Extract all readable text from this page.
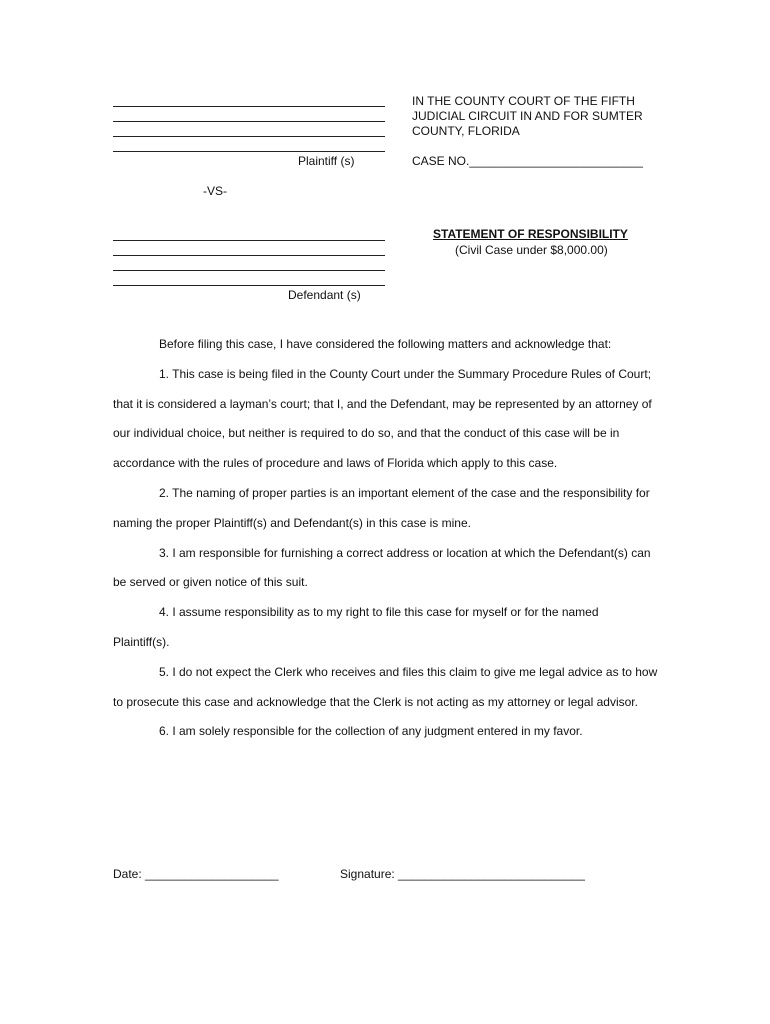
Plaintiff (s)
IN THE COUNTY COURT OF THE FIFTH
JUDICIAL CIRCUIT IN AND FOR SUMTER
COUNTY, FLORIDA
CASE NO.__________________________
-VS-
Defendant (s)
STATEMENT OF RESPONSIBILITY
(Civil Case under $8,000.00)

Before filing this case, I have considered the following matters and acknowledge that:

1. This case is being filed in the County Court under the Summary Procedure Rules of Court; that it is considered a layman’s court; that I, and the Defendant, may be represented by an attorney of our individual choice, but neither is required to do so, and that the conduct of this case will be in accordance with the rules of procedure and laws of Florida which apply to this case.

2. The naming of proper parties is an important element of the case and the responsibility for naming the proper Plaintiff(s) and Defendant(s) in this case is mine.

3. I am responsible for furnishing a correct address or location at which the Defendant(s) can be served or given notice of this suit.

4. I assume responsibility as to my right to file this case for myself or for the named Plaintiff(s).

5. I do not expect the Clerk who receives and files this claim to give me legal advice as to how to prosecute this case and acknowledge that the Clerk is not acting as my attorney or legal advisor.

6. I am solely responsible for the collection of any judgment entered in my favor.

Date: ____________________	Signature: ____________________________
